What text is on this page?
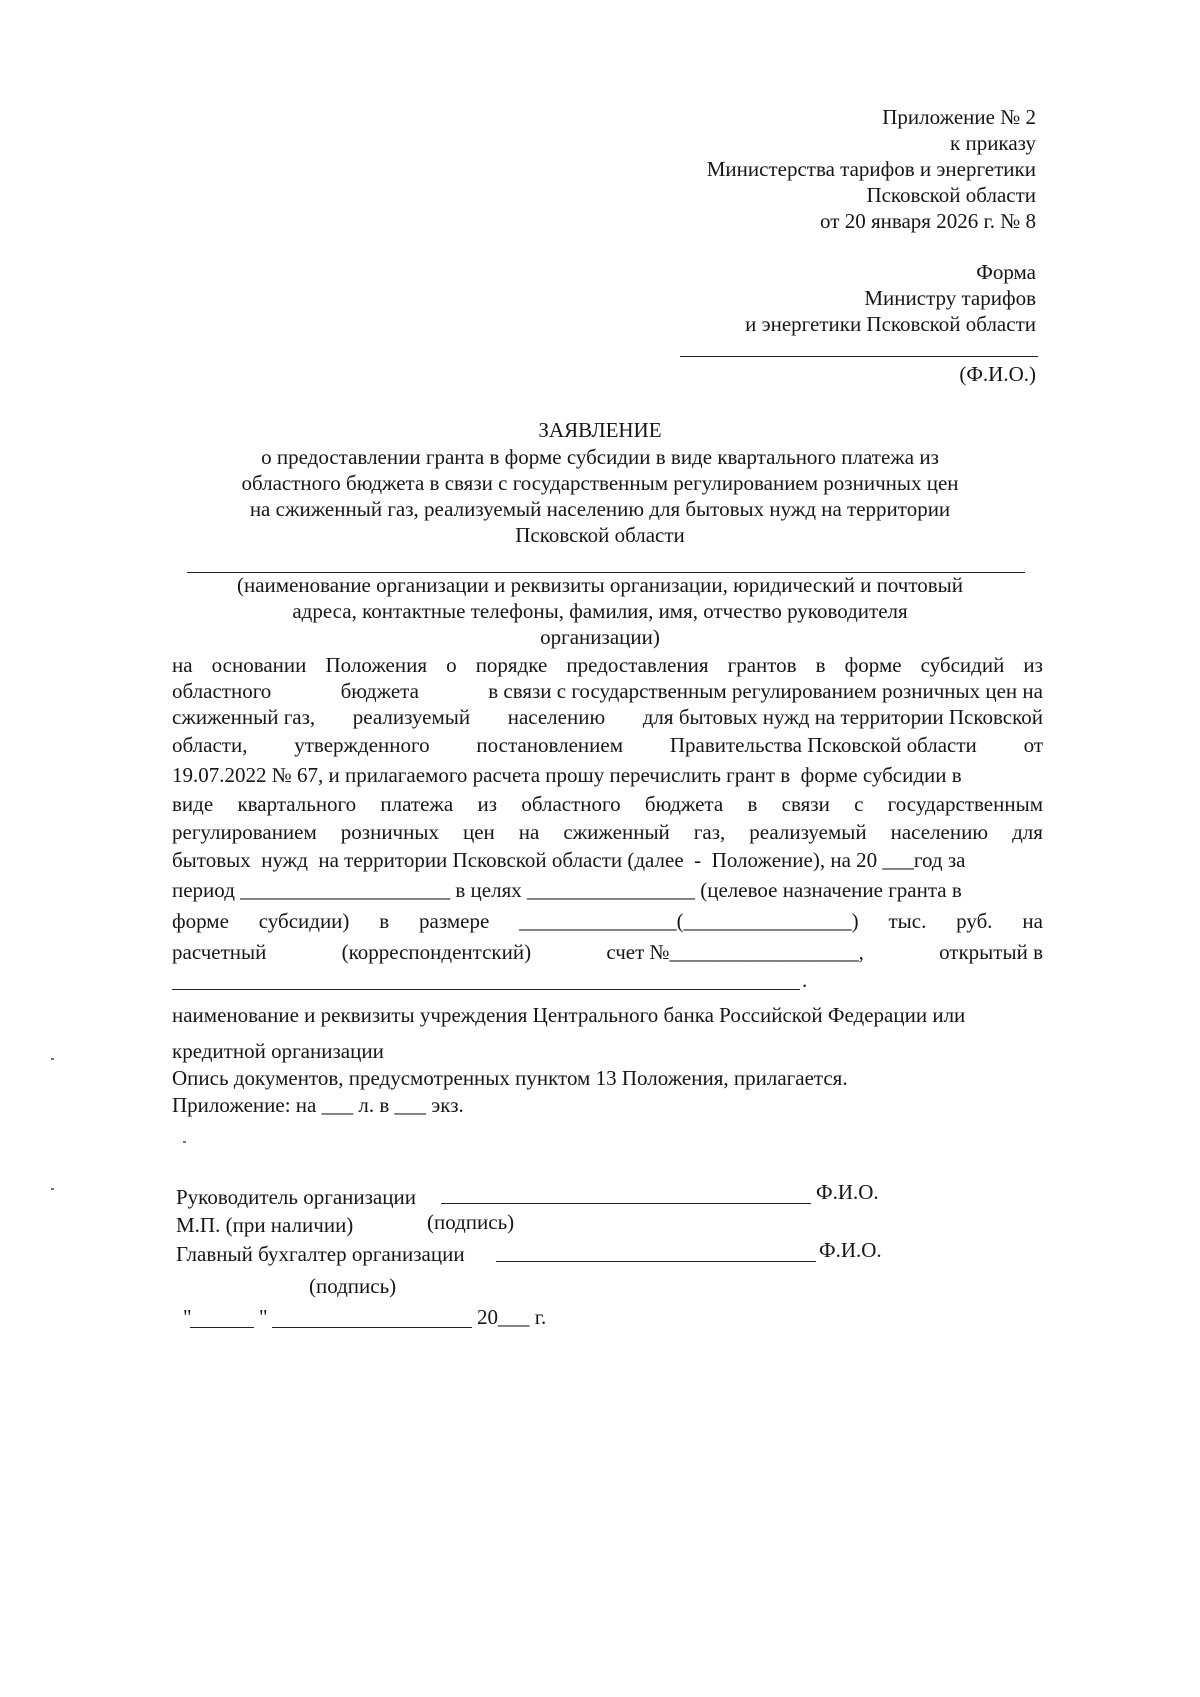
Приложение № 2
к приказу
Министерства тарифов и энергетики
Псковской области
от 20 января 2026 г. № 8
Форма
Министру тарифов
и энергетики Псковской области
(Ф.И.О.)
ЗАЯВЛЕНИЕ
о предоставлении гранта в форме субсидии в виде квартального платежа из
областного бюджета в связи с государственным регулированием розничных цен
на сжиженный газ, реализуемый населению для бытовых нужд на территории
Псковской области
(наименование организации и реквизиты организации, юридический и почтовый
адреса, контактные телефоны, фамилия, имя, отчество руководителя
организации)
на основании Положения о порядке предоставления грантов в форме субсидий из
областного	бюджета	в связи с государственным регулированием розничных цен на
сжиженный газ, реализуемый населению для бытовых нужд на территории Псковской
области, утвержденного постановлением Правительства Псковской области от
19.07.2022 № 67, и прилагаемого расчета прошу перечислить грант в  форме субсидии в
виде квартального платежа из областного бюджета в связи с государственным
регулированием розничных цен на сжиженный газ, реализуемый населению для
бытовых  нужд  на территории Псковской области (далее  -  Положение), на 20 ___год за
период ____________________ в целях ________________ (целевое назначение гранта в
форме субсидии) в размере _______________(________________) тыс. руб. на
расчетный	(корреспондентский)	счет №__________________,	открытый в
.
наименование и реквизиты учреждения Центрального банка Российской Федерации или
кредитной организации
Опись документов, предусмотренных пунктом 13 Положения, прилагается.
Приложение: на ___ л. в ___ экз.
Руководитель организации	Ф.И.О.
М.П. (при наличии)	(подпись)
Главный бухгалтер организации	Ф.И.О.
(подпись)
"	"	20___ г.
